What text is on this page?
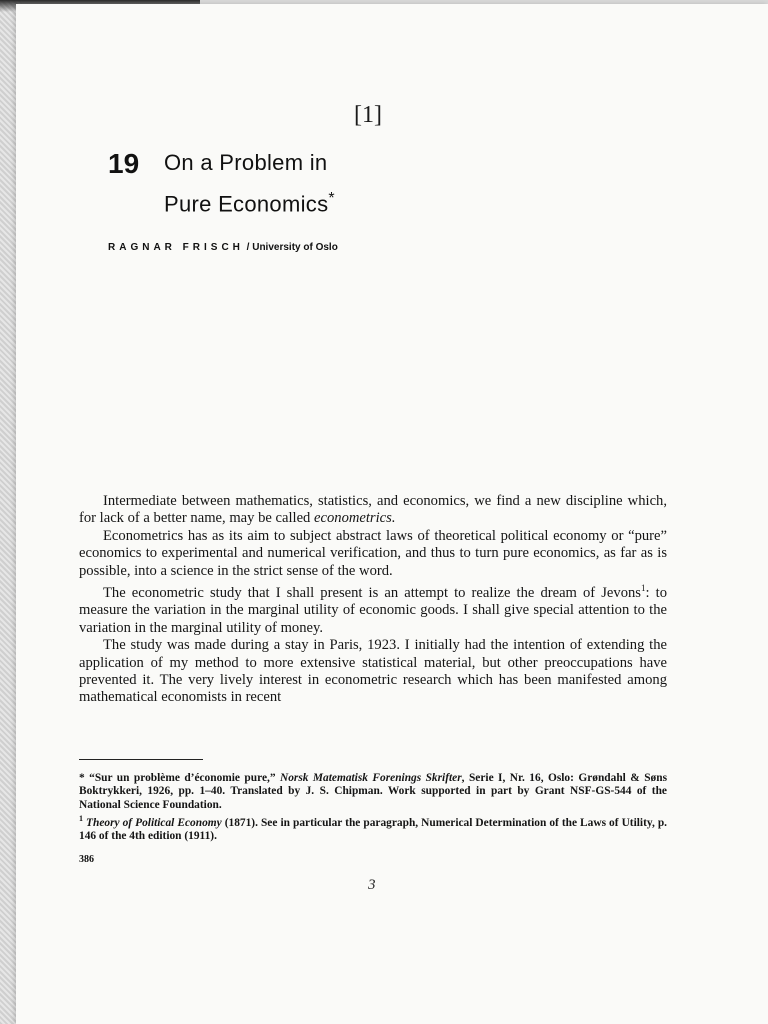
[1]
19 On a Problem in
Pure Economics*
RAGNAR FRISCH / University of Oslo

Intermediate between mathematics, statistics, and economics, we find a new discipline which, for lack of a better name, may be called econometrics.

Econometrics has as its aim to subject abstract laws of theoretical political economy or “pure” economics to experimental and numerical verification, and thus to turn pure economics, as far as is possible, into a science in the strict sense of the word.

The econometric study that I shall present is an attempt to realize the dream of Jevons$^1$: to measure the variation in the marginal utility of economic goods. I shall give special attention to the variation in the marginal utility of money.

The study was made during a stay in Paris, 1923. I initially had the intention of extending the application of my method to more extensive statistical material, but other preoccupations have prevented it. The very lively interest in econometric research which has been manifested among mathematical economists in recent

* “Sur un problème d’économie pure,” Norsk Matematisk Forenings Skrifter, Serie I, Nr. 16, Oslo: Grøndahl & Søns Boktrykkeri, 1926, pp. 1–40. Translated by J. S. Chipman. Work supported in part by Grant NSF-GS-544 of the National Science Foundation.

$^1$ Theory of Political Economy (1871). See in particular the paragraph, Numerical Determination of the Laws of Utility, p. 146 of the 4th edition (1911).

386
3
